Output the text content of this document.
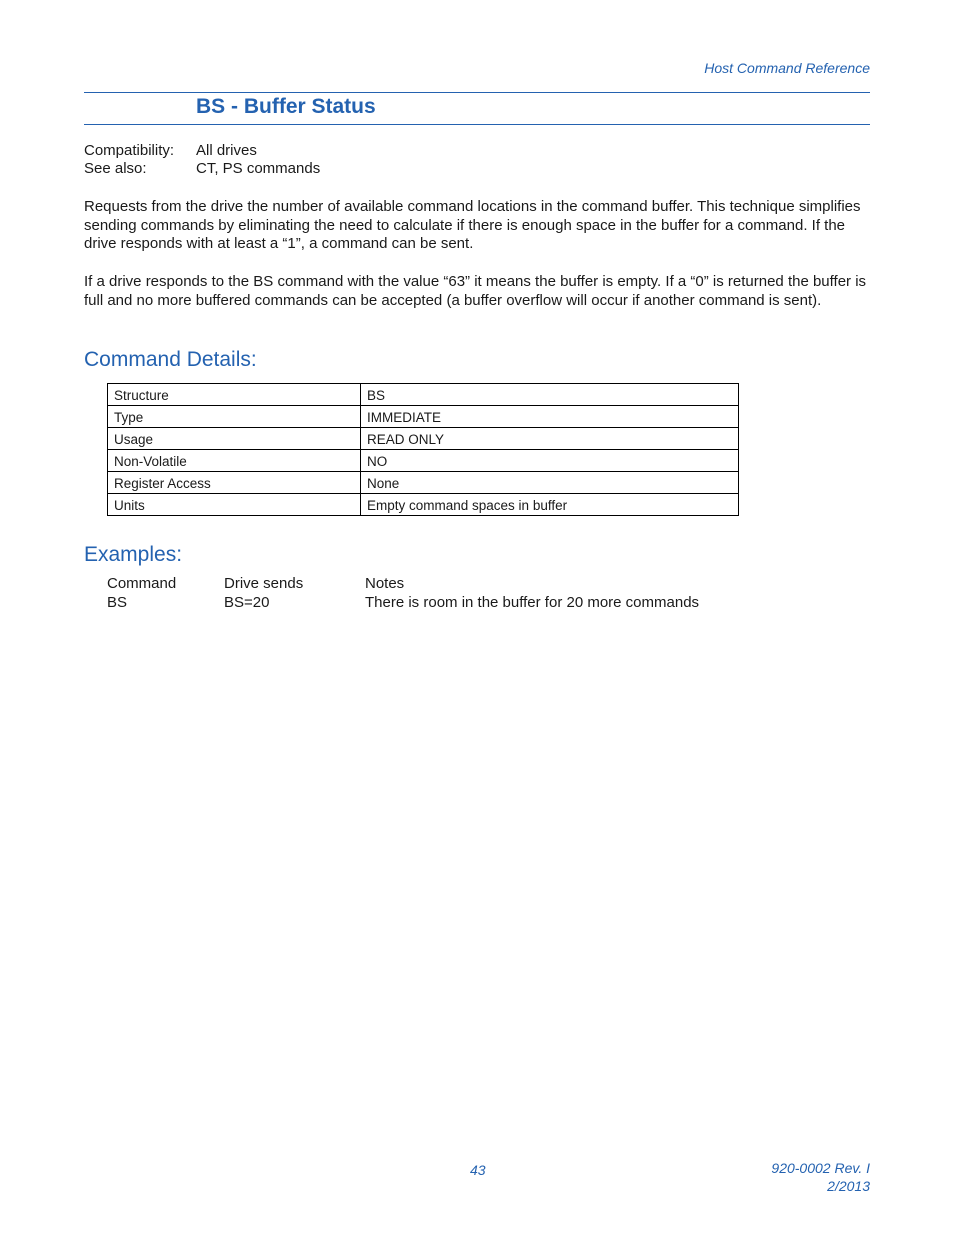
Host Command Reference
BS - Buffer Status
Compatibility:	All drives
See also:	CT, PS commands

Requests from the drive the number of available command locations in the command buffer. This technique simplifies sending commands by eliminating the need to calculate if there is enough space in the buffer for a command. If the drive responds with at least a “1”, a command can be sent.

If a drive responds to the BS command with the value “63” it means the buffer is empty. If a “0” is returned the buffer is full and no more buffered commands can be accepted (a buffer overflow will occur if another command is sent).

Command Details:
Structure	BS
Type	IMMEDIATE
Usage	READ ONLY
Non-Volatile	NO
Register Access	None
Units	Empty command spaces in buffer
Examples:
Command	Drive sends	Notes
BS	BS=20	There is room in the buffer for 20 more commands
43	920-0002 Rev. I
2/2013
